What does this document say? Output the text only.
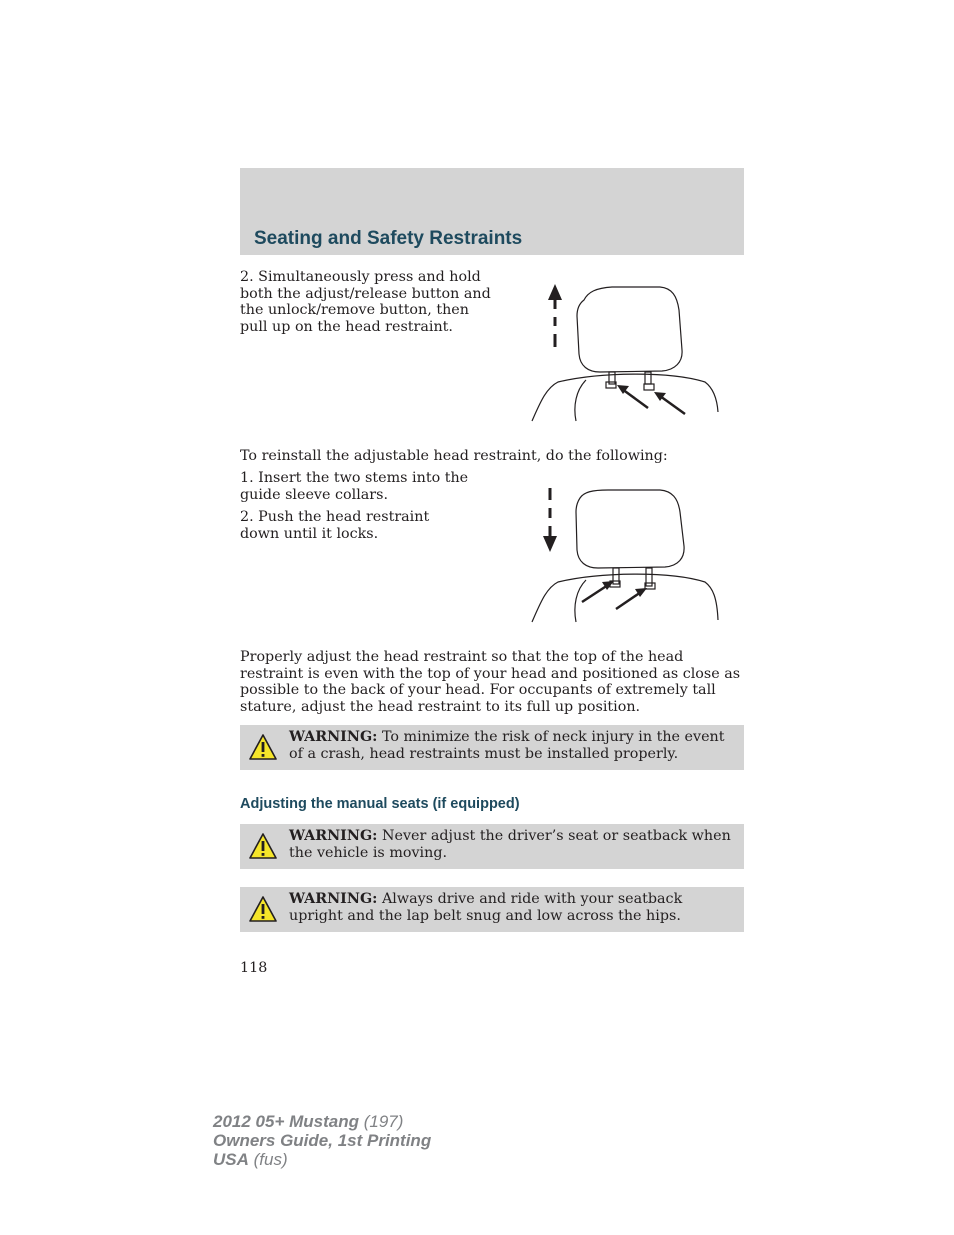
Seating and Safety Restraints
2. Simultaneously press and hold both the adjust/release button and the unlock/remove button, then pull up on the head restraint.
To reinstall the adjustable head restraint, do the following:
1. Insert the two stems into the guide sleeve collars.
2. Push the head restraint down until it locks.
Properly adjust the head restraint so that the top of the head restraint is even with the top of your head and positioned as close as possible to the back of your head. For occupants of extremely tall stature, adjust the head restraint to its full up position.
WARNING: To minimize the risk of neck injury in the event of a crash, head restraints must be installed properly.
Adjusting the manual seats (if equipped)
WARNING: Never adjust the driver’s seat or seatback when the vehicle is moving.
WARNING: Always drive and ride with your seatback upright and the lap belt snug and low across the hips.
118
2012 05+ Mustang (197)
Owners Guide, 1st Printing
USA (fus)
